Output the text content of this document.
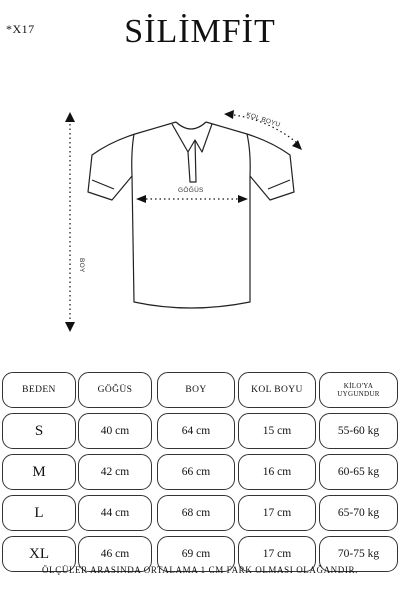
*X17	SİLİMFİT
BOY
GÖĞÜS
KOL BOYU
BEDEN	GÖĞÜS	BOY	KOL BOYU	KİLO'YA
UYGUNDUR
S	40 cm	64 cm	15 cm	55-60 kg
M	42 cm	66 cm	16 cm	60-65 kg
L	44 cm	68 cm	17 cm	65-70 kg
XL	46 cm	69 cm	17 cm	70-75 kg
ÖLÇÜLER ARASINDA ORTALAMA 1 CM FARK OLMASI OLAĞANDIR.
